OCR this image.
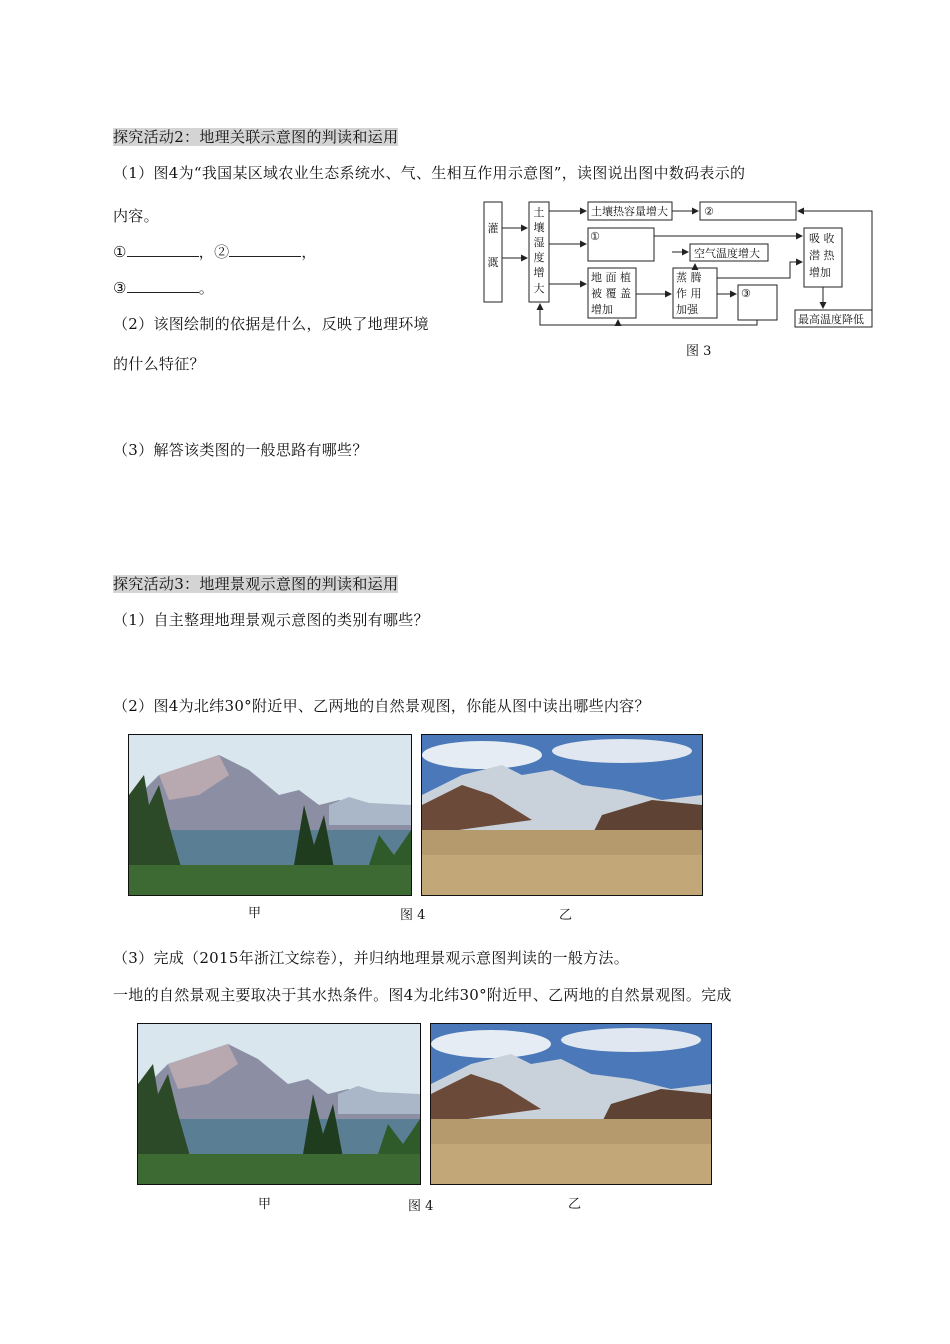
探究活动2：地理关联示意图的判读和运用
（1）图4为“我国某区域农业生态系统水、气、生相互作用示意图”，读图说出图中数码表示的
内容。
①	，②	，
③	。
（2）该图绘制的依据是什么，反映了地理环境
的什么特征？
（3）解答该类图的一般思路有哪些？
灌
溉
土
壤
湿
度
增
大
土壤热容量增大	②
①
空气温度增大
吸 收
潜 热
增加
地 面 植
被 覆 盖
增加
蒸 腾
作 用
加强
③
最高温度降低
图 3
探究活动3：地理景观示意图的判读和运用
（1）自主整理地理景观示意图的类别有哪些？
（2）图4为北纬30°附近甲、乙两地的自然景观图，你能从图中读出哪些内容？
甲	图 4	乙
（3）完成（2015年浙江文综卷），并归纳地理景观示意图判读的一般方法。
一地的自然景观主要取决于其水热条件。图4为北纬30°附近甲、乙两地的自然景观图。完成
甲	图 4	乙
